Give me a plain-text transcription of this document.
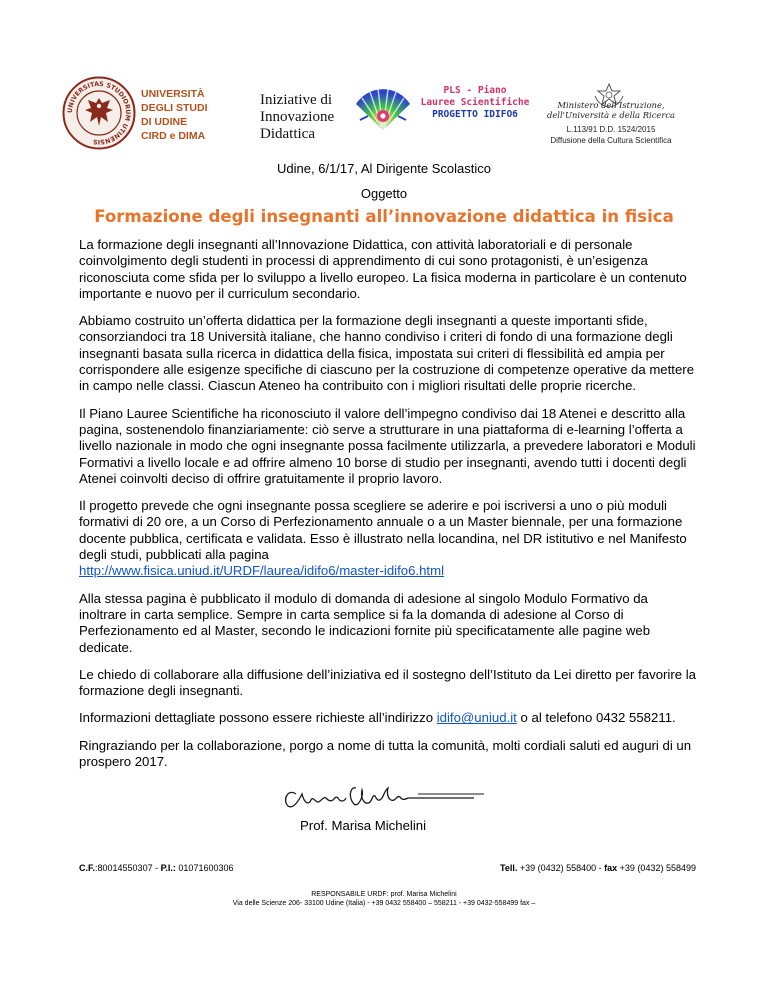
UNIVERSITAS STUDIORUM UTINENSIS
UNIVERSITÀ
DEGLI STUDI
DI UDINE
CIRD e DIMA
Iniziative di
Innovazione
Didattica
PLS - Piano
Lauree Scientifiche
PROGETTO IDIFO6
Ministero dell'Istruzione,
dell'Università e della Ricerca
L.113/91 D.D. 1524/2015
Diffusione della Cultura Scientifica
Udine, 6/1/17, Al Dirigente Scolastico
Oggetto
Formazione degli insegnanti all’innovazione didattica in fisica

La formazione degli insegnanti all’Innovazione Didattica, con attività laboratoriali e di personale coinvolgimento degli studenti in processi di apprendimento di cui sono protagonisti, è un’esigenza riconosciuta come sfida per lo sviluppo a livello europeo. La fisica moderna in particolare è un contenuto importante e nuovo per il curriculum secondario.

Abbiamo costruito un’offerta didattica per la formazione degli insegnanti a queste importanti sfide, consorziandoci tra 18 Università italiane, che hanno condiviso i criteri di fondo di una formazione degli insegnanti basata sulla ricerca in didattica della fisica, impostata sui criteri di flessibilità ed ampia per corrispondere alle esigenze specifiche di ciascuno per la costruzione di competenze operative da mettere in campo nelle classi. Ciascun Ateneo ha contribuito con i migliori risultati delle proprie ricerche.

Il Piano Lauree Scientifiche ha riconosciuto il valore dell’impegno condiviso dai 18 Atenei e descritto alla pagina, sostenendolo finanziariamente: ciò serve a strutturare in una piattaforma di e-learning l’offerta a livello nazionale in modo che ogni insegnante possa facilmente utilizzarla, a prevedere laboratori e Moduli Formativi a livello locale e ad offrire almeno 10 borse di studio per insegnanti, avendo tutti i docenti degli Atenei coinvolti deciso di offrire gratuitamente il proprio lavoro.

Il progetto prevede che ogni insegnante possa scegliere se aderire e poi iscriversi a uno o più moduli formativi di 20 ore, a un Corso di Perfezionamento annuale o a un Master biennale, per una formazione docente pubblica, certificata e validata. Esso è illustrato nella locandina, nel DR istitutivo e nel Manifesto degli studi, pubblicati alla pagina
http://www.fisica.uniud.it/URDF/laurea/idifo6/master-idifo6.html

Alla stessa pagina è pubblicato il modulo di domanda di adesione al singolo Modulo Formativo da inoltrare in carta semplice. Sempre in carta semplice si fa la domanda di adesione al Corso di Perfezionamento ed al Master, secondo le indicazioni fornite più specificatamente alle pagine web dedicate.

Le chiedo di collaborare alla diffusione dell’iniziativa ed il sostegno dell’Istituto da Lei diretto per favorire la formazione degli insegnanti.

Informazioni dettagliate possono essere richieste all’indirizzo idifo@uniud.it o al telefono 0432 558211.

Ringraziando per la collaborazione, porgo a nome di tutta la comunità, molti cordiali saluti ed auguri di un prospero 2017.

Prof. Marisa Michelini
C.F.:80014550307 - P.I.: 01071600306	Tell. +39 (0432) 558400 - fax +39 (0432) 558499
RESPONSABILE URDF: prof. Marisa Michelini
Via delle Scienze 206- 33100 Udine (Italia) - +39 0432 558400 – 558211 - +39 0432-558499 fax –
